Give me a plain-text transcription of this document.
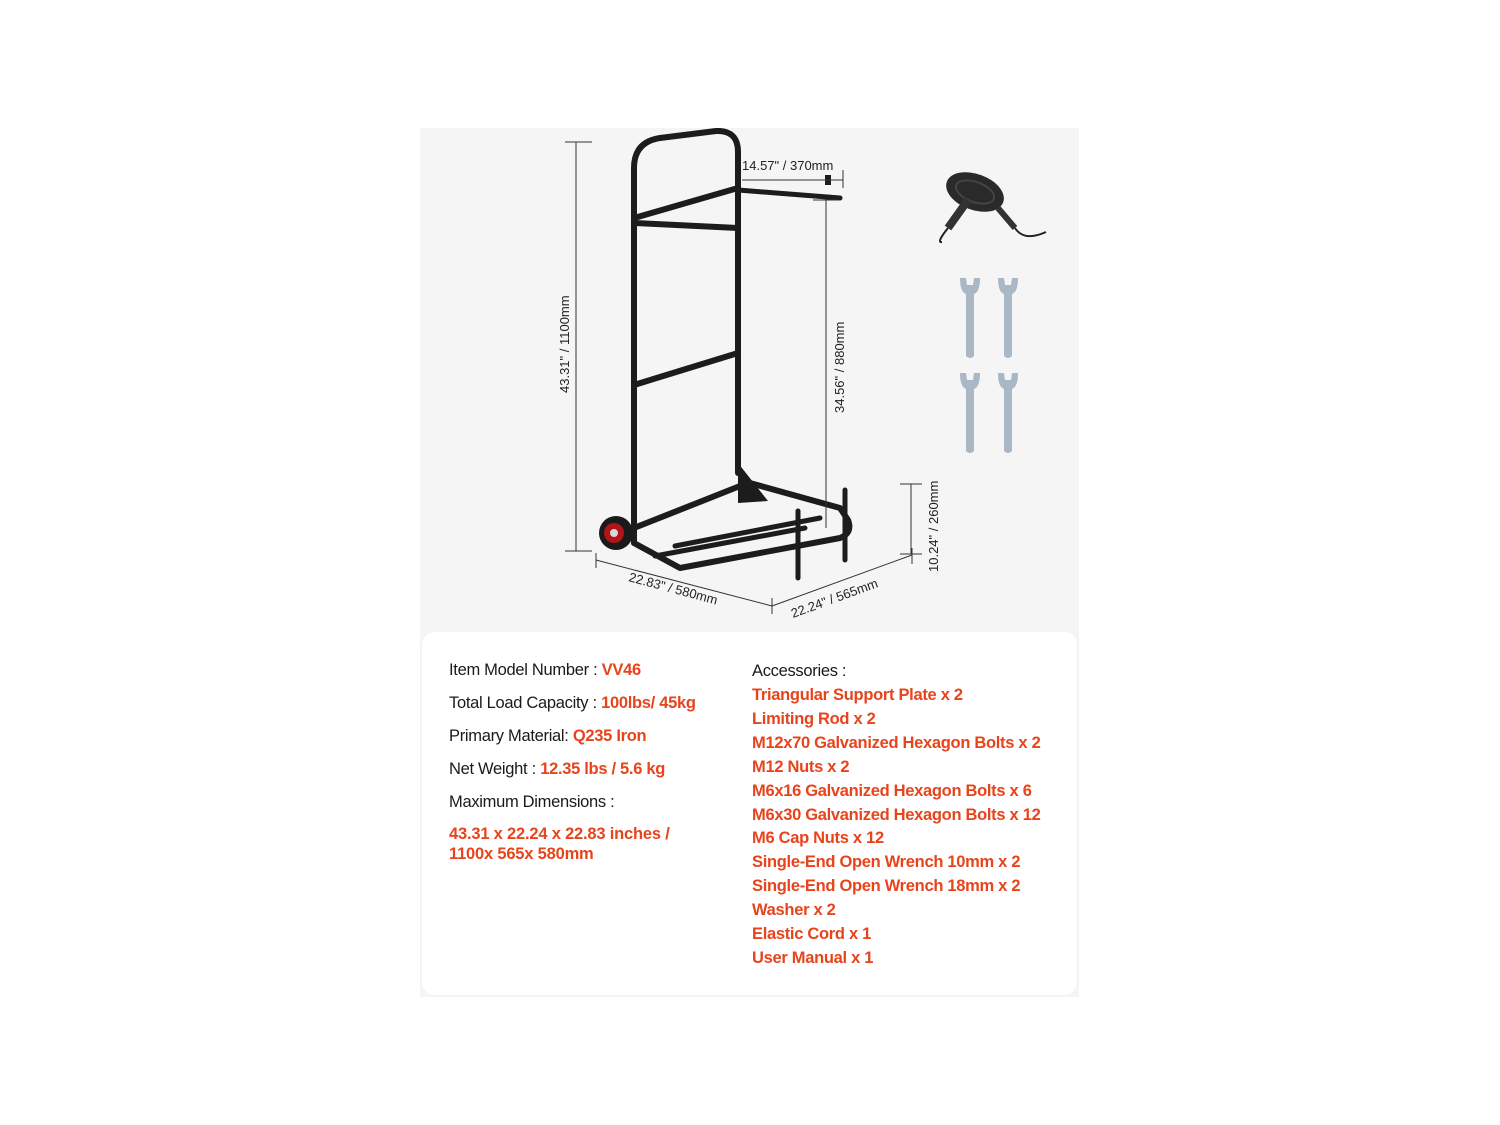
43.31" / 1100mm
14.57" / 370mm
34.56" / 880mm
10.24" / 260mm
22.83" / 580mm	22.24" / 565mm
Item Model Number : VV46
Total Load Capacity : 100lbs/ 45kg
Primary Material: Q235 Iron
Net Weight : 12.35 lbs / 5.6 kg
Maximum Dimensions :
43.31 x 22.24 x 22.83 inches /
1100x 565x 580mm
Accessories :
Triangular Support Plate x 2
Limiting Rod x 2
M12x70 Galvanized Hexagon Bolts x 2
M12 Nuts x 2
M6x16 Galvanized Hexagon Bolts x 6
M6x30 Galvanized Hexagon Bolts x 12
M6 Cap Nuts x 12
Single-End Open Wrench 10mm x 2
Single-End Open Wrench 18mm x 2
Washer x 2
Elastic Cord x 1
User Manual x 1
